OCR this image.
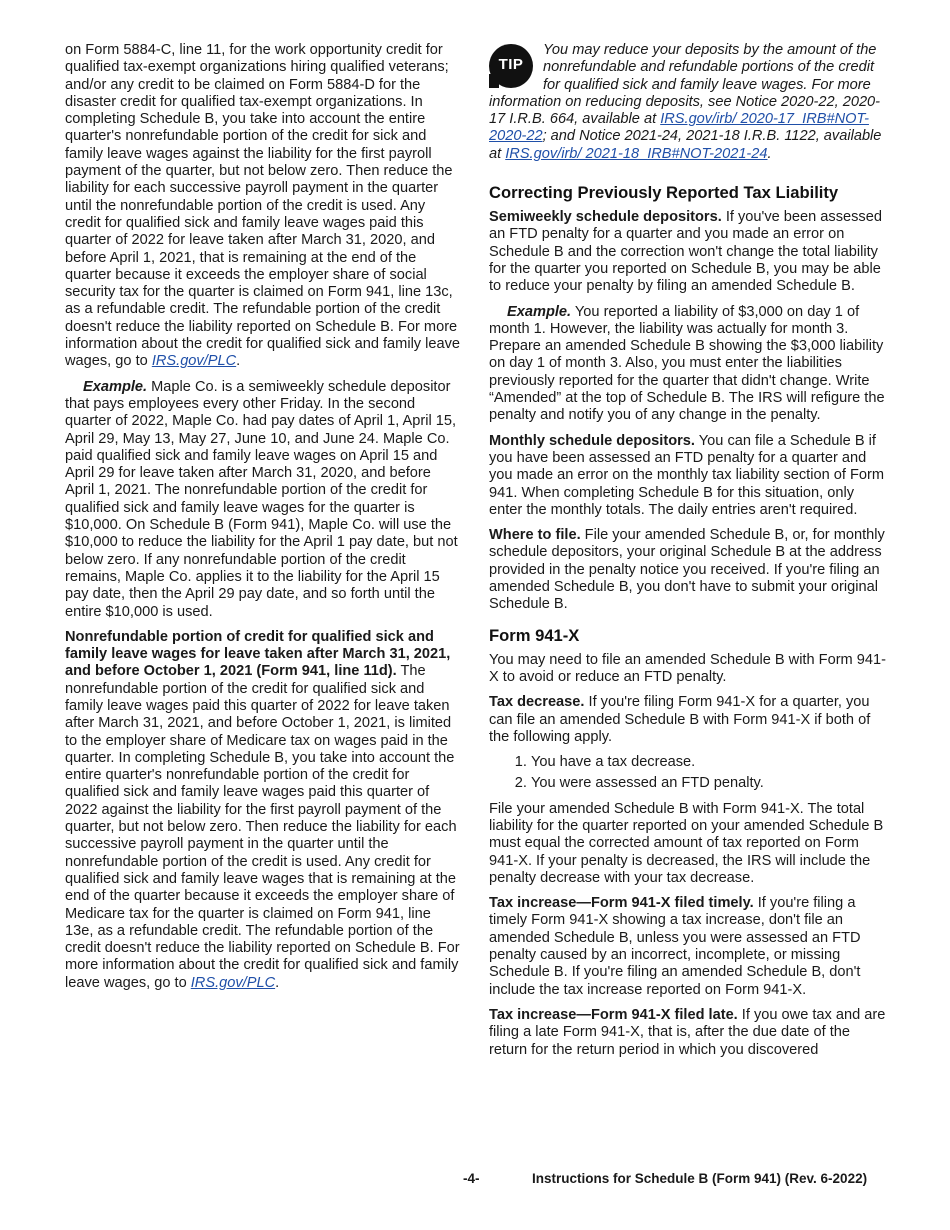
on Form 5884-C, line 11, for the work opportunity credit for qualified tax-exempt organizations hiring qualified veterans; and/or any credit to be claimed on Form 5884-D for the disaster credit for qualified tax-exempt organizations. In completing Schedule B, you take into account the entire quarter's nonrefundable portion of the credit for sick and family leave wages against the liability for the first payroll payment of the quarter, but not below zero. Then reduce the liability for each successive payroll payment in the quarter until the nonrefundable portion of the credit is used. Any credit for qualified sick and family leave wages paid this quarter of 2022 for leave taken after March 31, 2020, and before April 1, 2021, that is remaining at the end of the quarter because it exceeds the employer share of social security tax for the quarter is claimed on Form 941, line 13c, as a refundable credit. The refundable portion of the credit doesn't reduce the liability reported on Schedule B. For more information about the credit for qualified sick and family leave wages, go to IRS.gov/PLC.

Example. Maple Co. is a semiweekly schedule depositor that pays employees every other Friday. In the second quarter of 2022, Maple Co. had pay dates of April 1, April 15, April 29, May 13, May 27, June 10, and June 24. Maple Co. paid qualified sick and family leave wages on April 15 and April 29 for leave taken after March 31, 2020, and before April 1, 2021. The nonrefundable portion of the credit for qualified sick and family leave wages for the quarter is $10,000. On Schedule B (Form 941), Maple Co. will use the $10,000 to reduce the liability for the April 1 pay date, but not below zero. If any nonrefundable portion of the credit remains, Maple Co. applies it to the liability for the April 15 pay date, then the April 29 pay date, and so forth until the entire $10,000 is used.

Nonrefundable portion of credit for qualified sick and family leave wages for leave taken after March 31, 2021, and before October 1, 2021 (Form 941, line 11d). The nonrefundable portion of the credit for qualified sick and family leave wages paid this quarter of 2022 for leave taken after March 31, 2021, and before October 1, 2021, is limited to the employer share of Medicare tax on wages paid in the quarter. In completing Schedule B, you take into account the entire quarter's nonrefundable portion of the credit for qualified sick and family leave wages paid this quarter of 2022 against the liability for the first payroll payment of the quarter, but not below zero. Then reduce the liability for each successive payroll payment in the quarter until the nonrefundable portion of the credit is used. Any credit for qualified sick and family leave wages that is remaining at the end of the quarter because it exceeds the employer share of Medicare tax for the quarter is claimed on Form 941, line 13e, as a refundable credit. The refundable portion of the credit doesn't reduce the liability reported on Schedule B. For more information about the credit for qualified sick and family leave wages, go to IRS.gov/PLC.

TIP
You may reduce your deposits by the amount of the nonrefundable and refundable portions of the credit for qualified sick and family leave wages. For more information on reducing deposits, see Notice 2020-22, 2020-17 I.R.B. 664, available at IRS.gov/irb/ 2020-17_IRB#NOT-2020-22; and Notice 2021-24, 2021-18 I.R.B. 1122, available at IRS.gov/irb/ 2021-18_IRB#NOT-2021-24.
Correcting Previously Reported Tax Liability

Semiweekly schedule depositors. If you've been assessed an FTD penalty for a quarter and you made an error on Schedule B and the correction won't change the total liability for the quarter you reported on Schedule B, you may be able to reduce your penalty by filing an amended Schedule B.

Example. You reported a liability of $3,000 on day 1 of month 1. However, the liability was actually for month 3. Prepare an amended Schedule B showing the $3,000 liability on day 1 of month 3. Also, you must enter the liabilities previously reported for the quarter that didn't change. Write “Amended” at the top of Schedule B. The IRS will refigure the penalty and notify you of any change in the penalty.

Monthly schedule depositors. You can file a Schedule B if you have been assessed an FTD penalty for a quarter and you made an error on the monthly tax liability section of Form 941. When completing Schedule B for this situation, only enter the monthly totals. The daily entries aren't required.

Where to file. File your amended Schedule B, or, for monthly schedule depositors, your original Schedule B at the address provided in the penalty notice you received. If you're filing an amended Schedule B, you don't have to submit your original Schedule B.

Form 941-X

You may need to file an amended Schedule B with Form 941-X to avoid or reduce an FTD penalty.

Tax decrease. If you're filing Form 941-X for a quarter, you can file an amended Schedule B with Form 941-X if both of the following apply.

1. You have a tax decrease.
2. You were assessed an FTD penalty.

File your amended Schedule B with Form 941-X. The total liability for the quarter reported on your amended Schedule B must equal the corrected amount of tax reported on Form 941-X. If your penalty is decreased, the IRS will include the penalty decrease with your tax decrease.

Tax increase—Form 941-X filed timely. If you're filing a timely Form 941-X showing a tax increase, don't file an amended Schedule B, unless you were assessed an FTD penalty caused by an incorrect, incomplete, or missing Schedule B. If you're filing an amended Schedule B, don't include the tax increase reported on Form 941-X.

Tax increase—Form 941-X filed late. If you owe tax and are filing a late Form 941-X, that is, after the due date of the return for the return period in which you discovered

-4-	Instructions for Schedule B (Form 941) (Rev. 6-2022)
